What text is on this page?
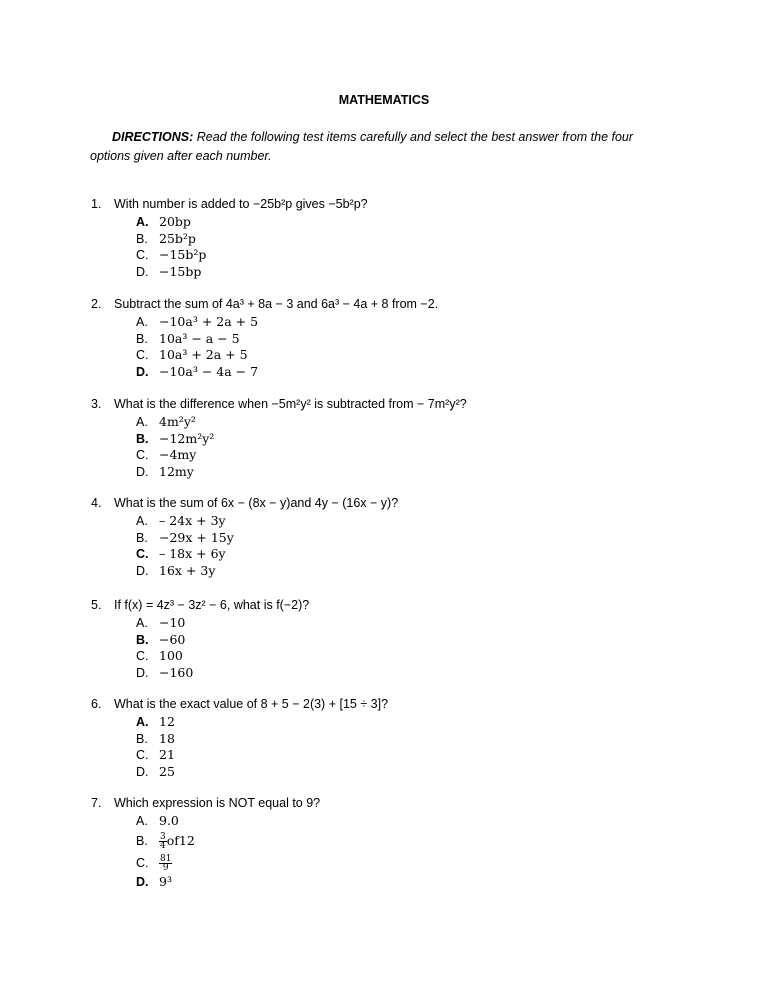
MATHEMATICS
DIRECTIONS: Read the following test items carefully and select the best answer from the four options given after each number.
1. With number is added to −25b²p gives −5b²p?
A. 20bp
B. 25b²p
C. −15b²p
D. −15bp
2. Subtract the sum of 4a³ + 8a − 3 and 6a³ − 4a + 8 from −2.
A. −10a³ + 2a + 5
B. 10a³ − a − 5
C. 10a³ + 2a + 5
D. −10a³ − 4a − 7
3. What is the difference when −5m²y² is subtracted from − 7m²y²?
A. 4m²y²
B. −12m²y²
C. −4my
D. 12my
4. What is the sum of 6x − (8x − y)and 4y − (16x − y)?
A. – 24x + 3y
B. −29x + 15y
C. – 18x + 6y
D. 16x + 3y
5. If f(x) = 4z³ − 3z² − 6, what is f(−2)?
A. −10
B. −60
C. 100
D. −160
6. What is the exact value of 8 + 5 − 2(3) + [15 ÷ 3]?
A. 12
B. 18
C. 21
D. 25
7. Which expression is NOT equal to 9?
A. 9.0
B. $\frac{3}{4} of12$
C. $\frac{81}{9}$
D. 9³
